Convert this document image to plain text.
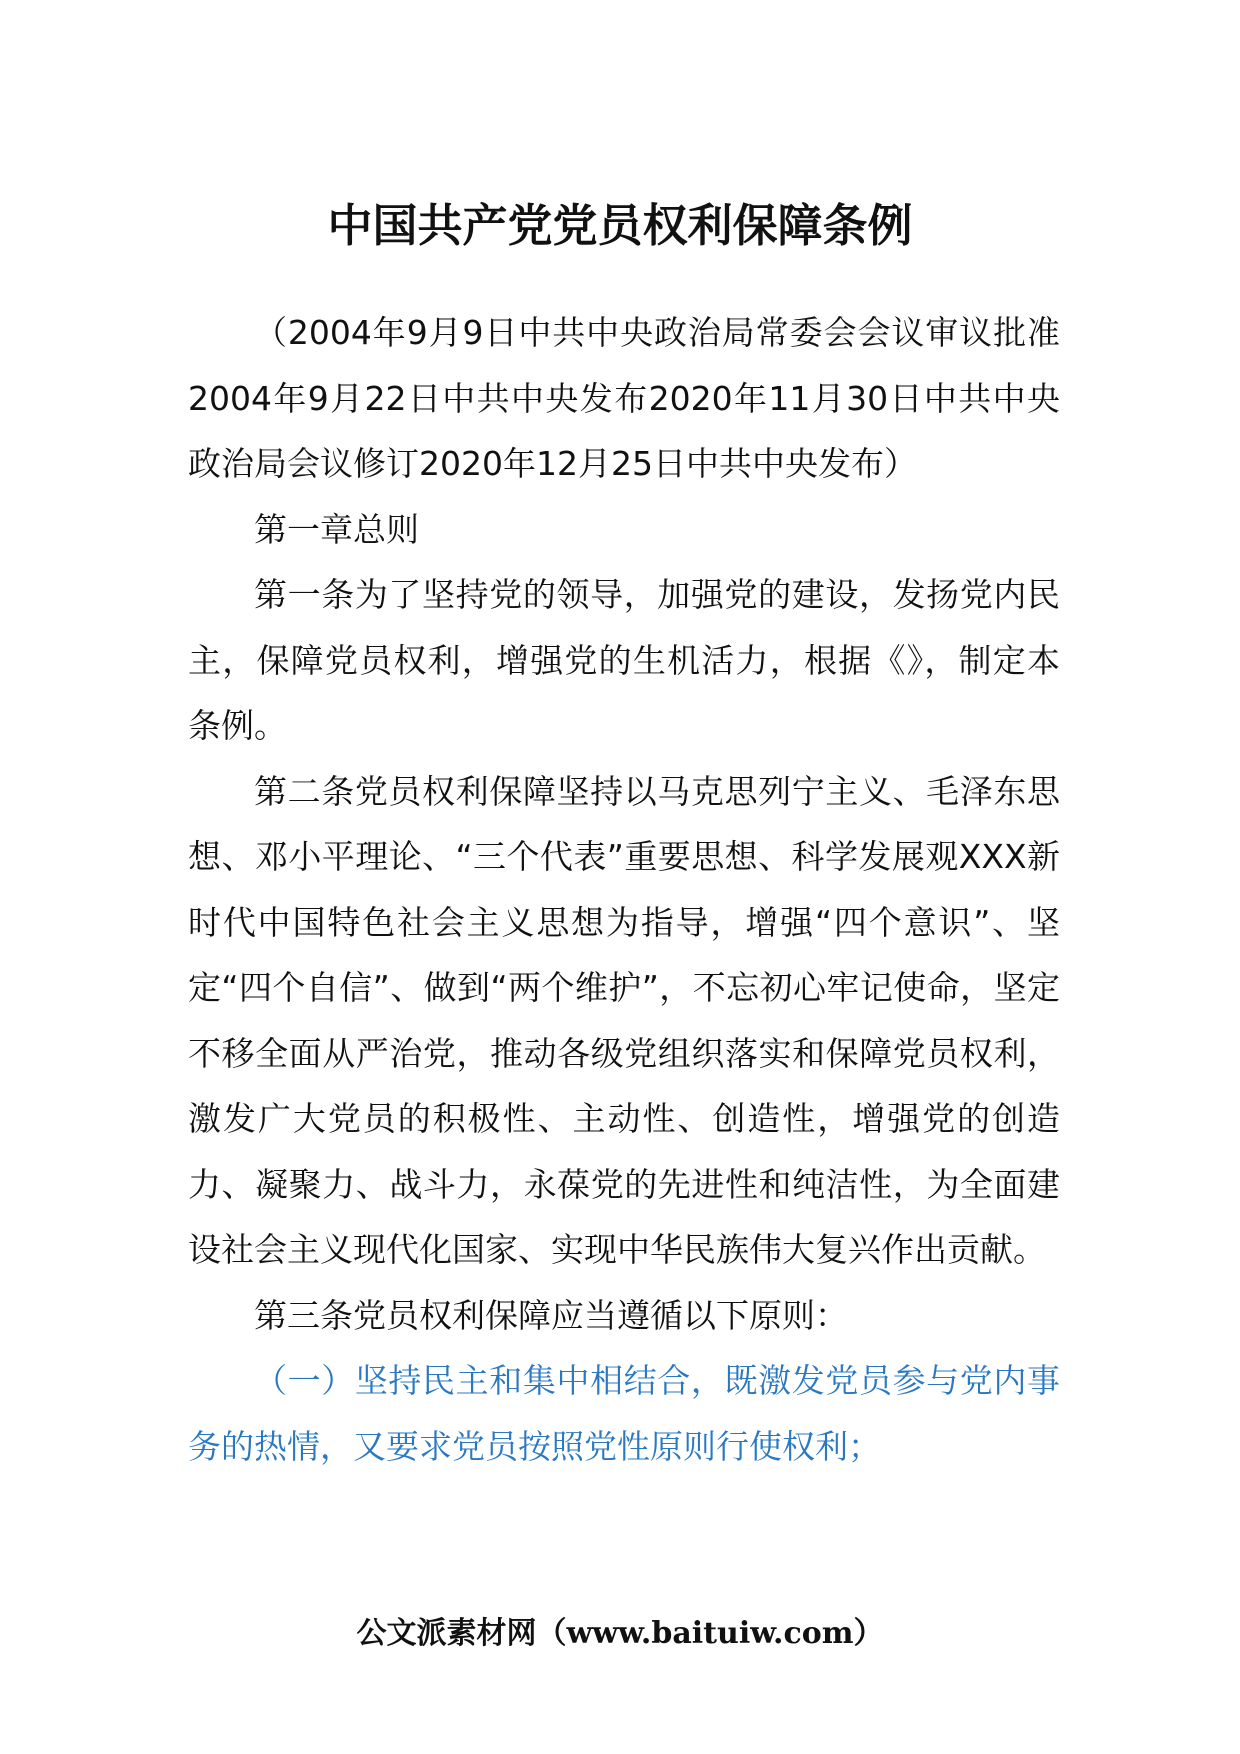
中国共产党党员权利保障条例

（2004年9月9日中共中央政治局常委会会议审议批准2004年9月22日中共中央发布2020年11月30日中共中央政治局会议修订2020年12月25日中共中央发布）

第一章总则

第一条为了坚持党的领导，加强党的建设，发扬党内民主，保障党员权利，增强党的生机活力，根据《》，制定本条例。

第二条党员权利保障坚持以马克思列宁主义、毛泽东思想、邓小平理论、“三个代表”重要思想、科学发展观XXX新时代中国特色社会主义思想为指导，增强“四个意识”、坚定“四个自信”、做到“两个维护”，不忘初心牢记使命，坚定不移全面从严治党，推动各级党组织落实和保障党员权利，激发广大党员的积极性、主动性、创造性，增强党的创造力、凝聚力、战斗力，永葆党的先进性和纯洁性，为全面建设社会主义现代化国家、实现中华民族伟大复兴作出贡献。

第三条党员权利保障应当遵循以下原则：

（一）坚持民主和集中相结合，既激发党员参与党内事务的热情，又要求党员按照党性原则行使权利；

公文派素材网（www.baituiw.com）
